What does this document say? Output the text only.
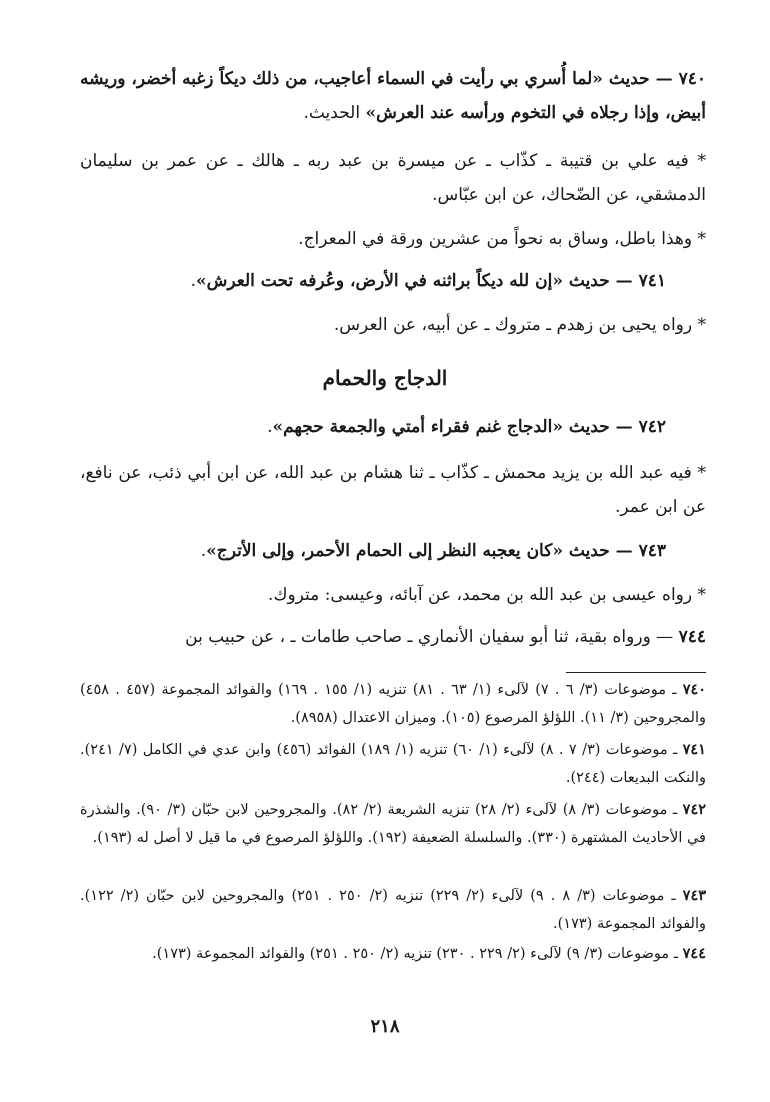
٧٤٠ — حديث «لما أُسري بي رأيت في السماء أعاجيب، من ذلك ديكاً زغبه أخضر، وريشه أبيض، وإذا رجلاه في التخوم ورأسه عند العرش» الحديث.
* فيه علي بن قتيبة ـ كذّاب ـ عن ميسرة بن عبد ربه ـ هالك ـ عن عمر بن سليمان الدمشقي، عن الضّحاك، عن ابن عبّاس.
* وهذا باطل، وساق به نحواً من عشرين ورقة في المعراج.
٧٤١ — حديث «إن لله ديكاً براثنه في الأرض، وعُرفه تحت العرش».
* رواه يحيى بن زهدم ـ متروك ـ عن أبيه، عن العرس.
الدجاج والحمام
٧٤٢ — حديث «الدجاج غنم فقراء أمتي والجمعة حجهم».
* فيه عبد الله بن يزيد محمش ـ كذّاب ـ ثنا هشام بن عبد الله، عن ابن أبي ذئب، عن نافع، عن ابن عمر.
٧٤٣ — حديث «كان يعجبه النظر إلى الحمام الأحمر، وإلى الأترج».
* رواه عيسى بن عبد الله بن محمد، عن آبائه، وعيسى: متروك.
٧٤٤ — ورواه بقية، ثنا أبو سفيان الأنماري ـ صاحب طامات ـ ، عن حبيب بن
٧٤٠ ـ موضوعات (٣/ ٦ . ٧) لآلىء (١/ ٦٣ . ٨١) تنزيه (١/ ١٥٥ . ١٦٩) والفوائد المجموعة (٤٥٧ . ٤٥٨) والمجروحين (٣/ ١١). اللؤلؤ المرصوع (١٠٥). وميزان الاعتدال (٨٩٥٨).
٧٤١ ـ موضوعات (٣/ ٧ . ٨) لآلىء (١/ ٦٠) تنزيه (١/ ١٨٩) الفوائد (٤٥٦) وابن عدي في الكامل (٧/ ٢٤١). والنكت البديعات (٢٤٤).
٧٤٢ ـ موضوعات (٣/ ٨) لآلىء (٢/ ٢٨) تنزيه الشريعة (٢/ ٨٢). والمجروحين لابن حبّان (٣/ ٩٠). والشذرة في الأحاديث المشتهرة (٣٣٠). والسلسلة الضعيفة (١٩٢). واللؤلؤ المرصوع في ما قيل لا أصل له (١٩٣).
٧٤٣ ـ موضوعات (٣/ ٨ . ٩) لآلىء (٢/ ٢٢٩) تنزيه (٢/ ٢٥٠ . ٢٥١) والمجروحين لابن حبّان (٢/ ١٢٢). والفوائد المجموعة (١٧٣).
٧٤٤ ـ موضوعات (٣/ ٩) لآلىء (٢/ ٢٢٩ . ٢٣٠) تنزيه (٢/ ٢٥٠ . ٢٥١) والفوائد المجموعة (١٧٣).
٢١٨
